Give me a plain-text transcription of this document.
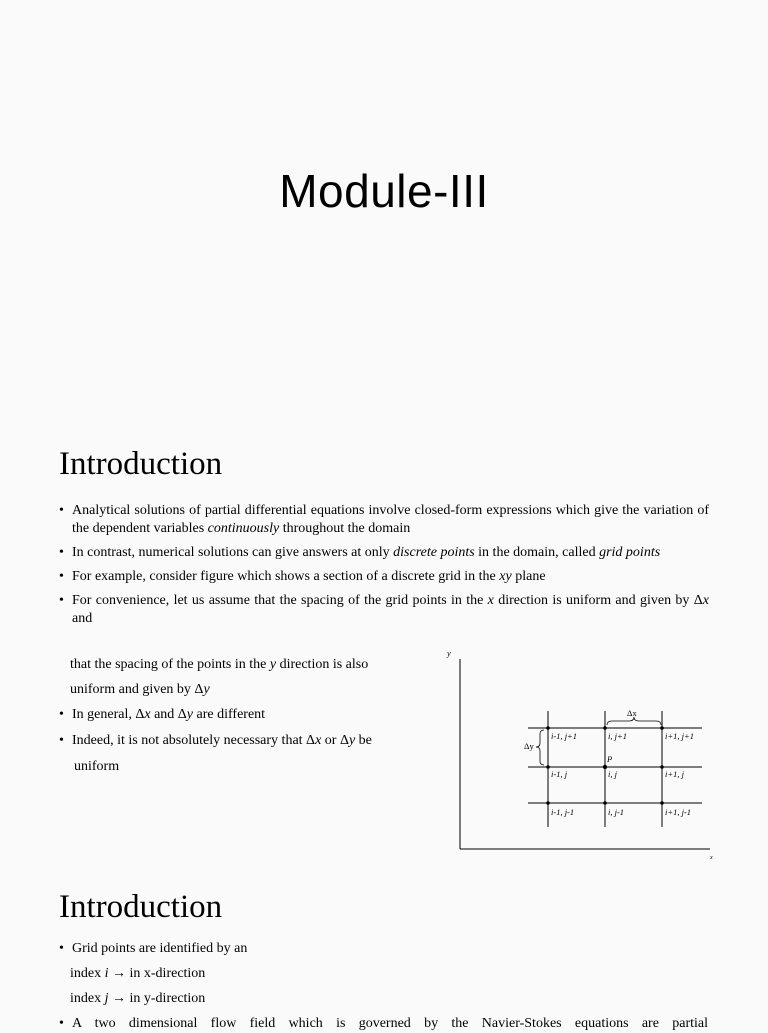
Module-III
Introduction
• Analytical solutions of partial differential equations involve closed-form expressions which give the variation of the dependent variables continuously throughout the domain
• In contrast, numerical solutions can give answers at only discrete points in the domain, called grid points
• For example, consider figure which shows a section of a discrete grid in the xy plane
• For convenience, let us assume that the spacing of the grid points in the x direction is uniform and given by Δx and
that the spacing of the points in the y direction is also
uniform and given by Δy
• In general, Δx and Δy are different
• Indeed, it is not absolutely necessary that Δx or Δy be
uniform
y
x
Δx
Δy
P
i-1, j+1	i, j+1	i+1, j+1
i-1, j	i, j	i+1, j
i-1, j-1	i, j-1	i+1, j-1
Introduction
• Grid points are identified by an
index i → in x-direction
index j → in y-direction
• A two dimensional flow field which is governed by the Navier-Stokes equations are partial
